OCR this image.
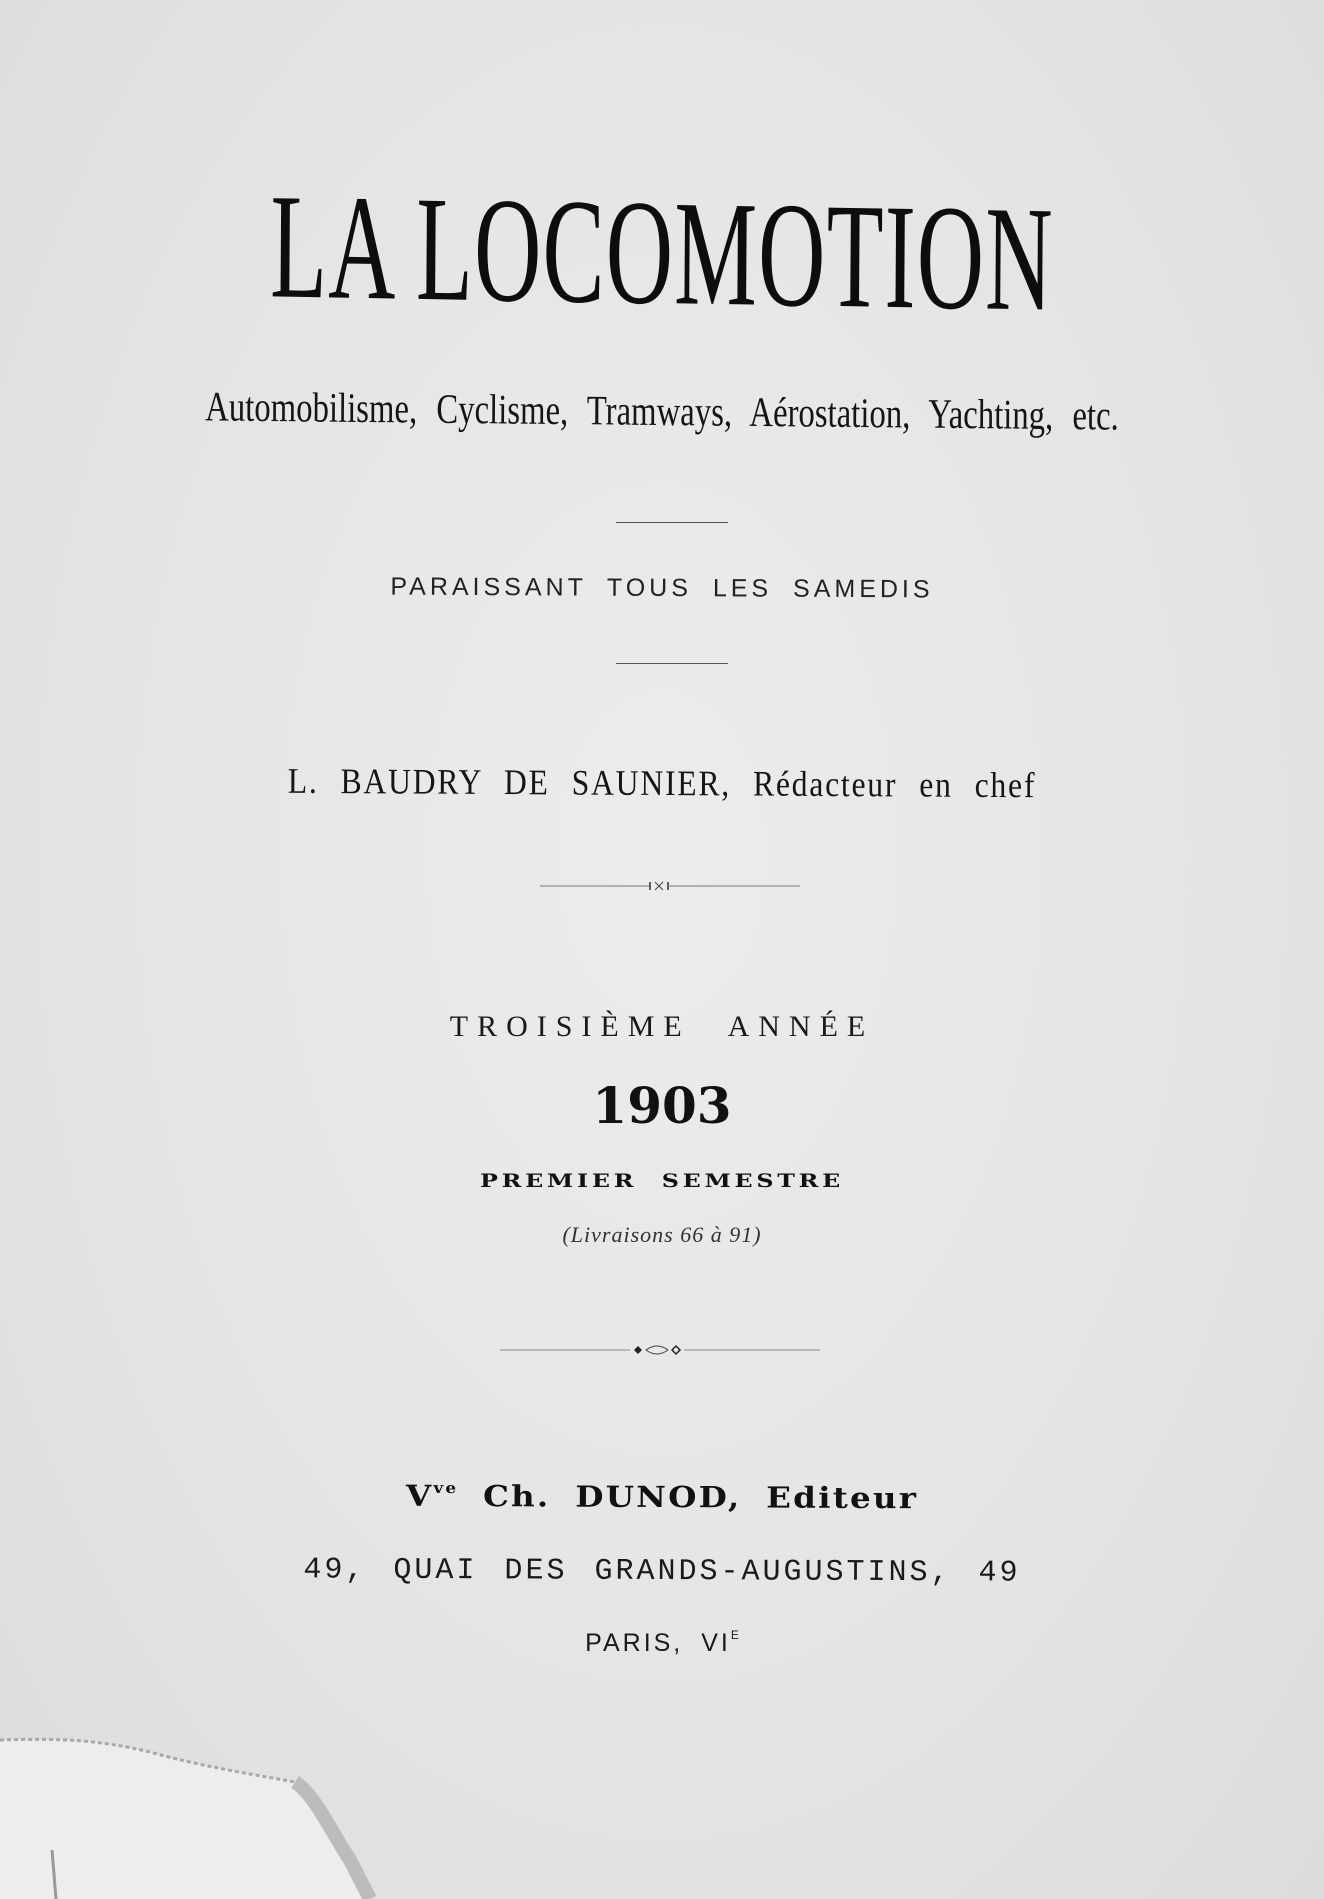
LA LOCOMOTION
Automobilisme, Cyclisme, Tramways, Aérostation, Yachting, etc.
PARAISSANT TOUS LES SAMEDIS
L. BAUDRY DE SAUNIER, Rédacteur en chef
TROISIÈME ANNÉE
1903
PREMIER SEMESTRE
(Livraisons 66 à 91)
$V^{ve}$ Ch. DUNOD, Editeur
49, QUAI DES GRANDS-AUGUSTINS, 49
PARIS, $VI^E$
